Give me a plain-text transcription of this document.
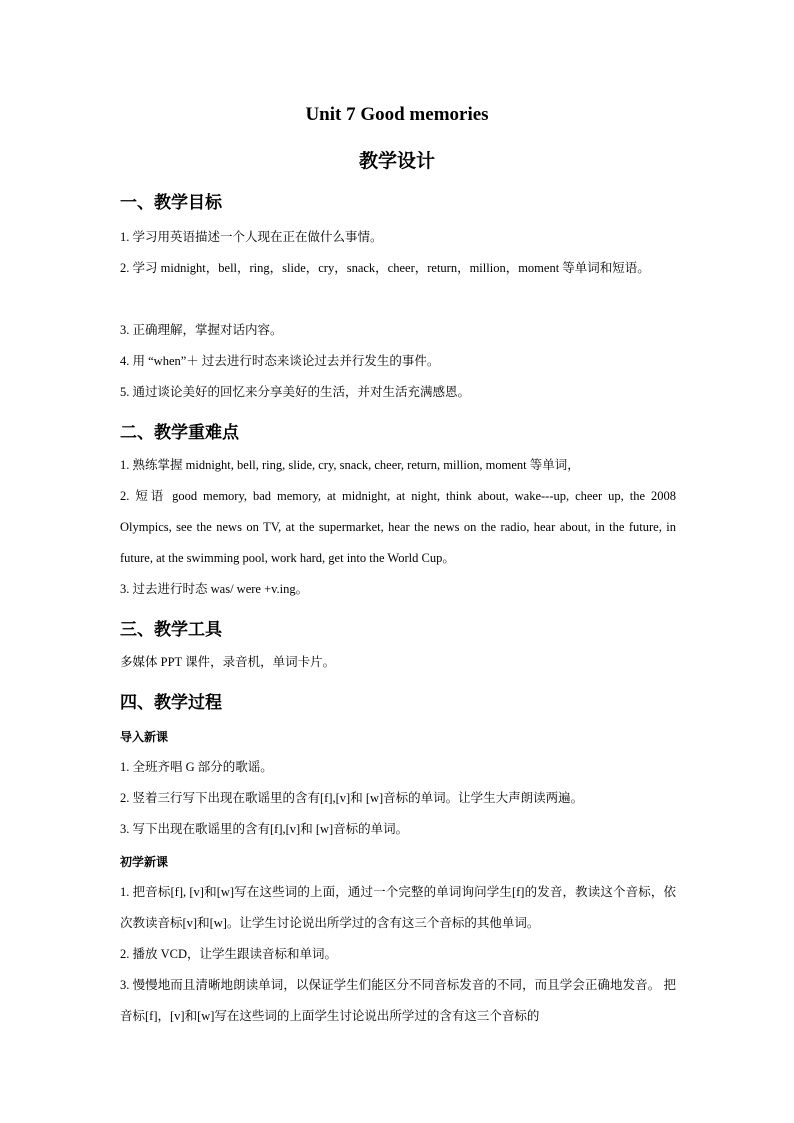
Unit 7 Good memories
教学设计
一、教学目标
1. 学习用英语描述一个人现在正在做什么事情。
2. 学习 midnight，bell，ring，slide，cry，snack，cheer，return，million，moment 等单词和短语。
3. 正确理解，掌握对话内容。
4. 用 “when”＋ 过去进行时态来谈论过去并行发生的事件。
5. 通过谈论美好的回忆来分享美好的生活，并对生活充满感恩。
二、教学重难点
1. 熟练掌握 midnight, bell, ring, slide, cry, snack, cheer, return, million, moment 等单词，
2. 短语 good memory, bad memory, at midnight, at night, think about, wake---up, cheer up, the 2008 Olympics, see the news on TV, at the supermarket, hear the news on the radio, hear about, in the future, in future, at the swimming pool, work hard, get into the World Cup。
3. 过去进行时态 was/ were +v.ing。
三、教学工具
多媒体 PPT 课件，录音机，单词卡片。
四、教学过程
导入新课
1. 全班齐唱 G 部分的歌谣。
2. 竖着三行写下出现在歌谣里的含有[f],[v]和 [w]音标的单词。让学生大声朗读两遍。
3. 写下出现在歌谣里的含有[f],[v]和 [w]音标的单词。
初学新课
1. 把音标[f], [v]和[w]写在这些词的上面，通过一个完整的单词询问学生[f]的发音，教读这个音标，依次教读音标[v]和[w]。让学生讨论说出所学过的含有这三个音标的其他单词。
2. 播放 VCD，让学生跟读音标和单词。
3. 慢慢地而且清晰地朗读单词，以保证学生们能区分不同音标发音的不同，而且学会正确地发音。 把音标[f]，[v]和[w]写在这些词的上面学生讨论说出所学过的含有这三个音标的
